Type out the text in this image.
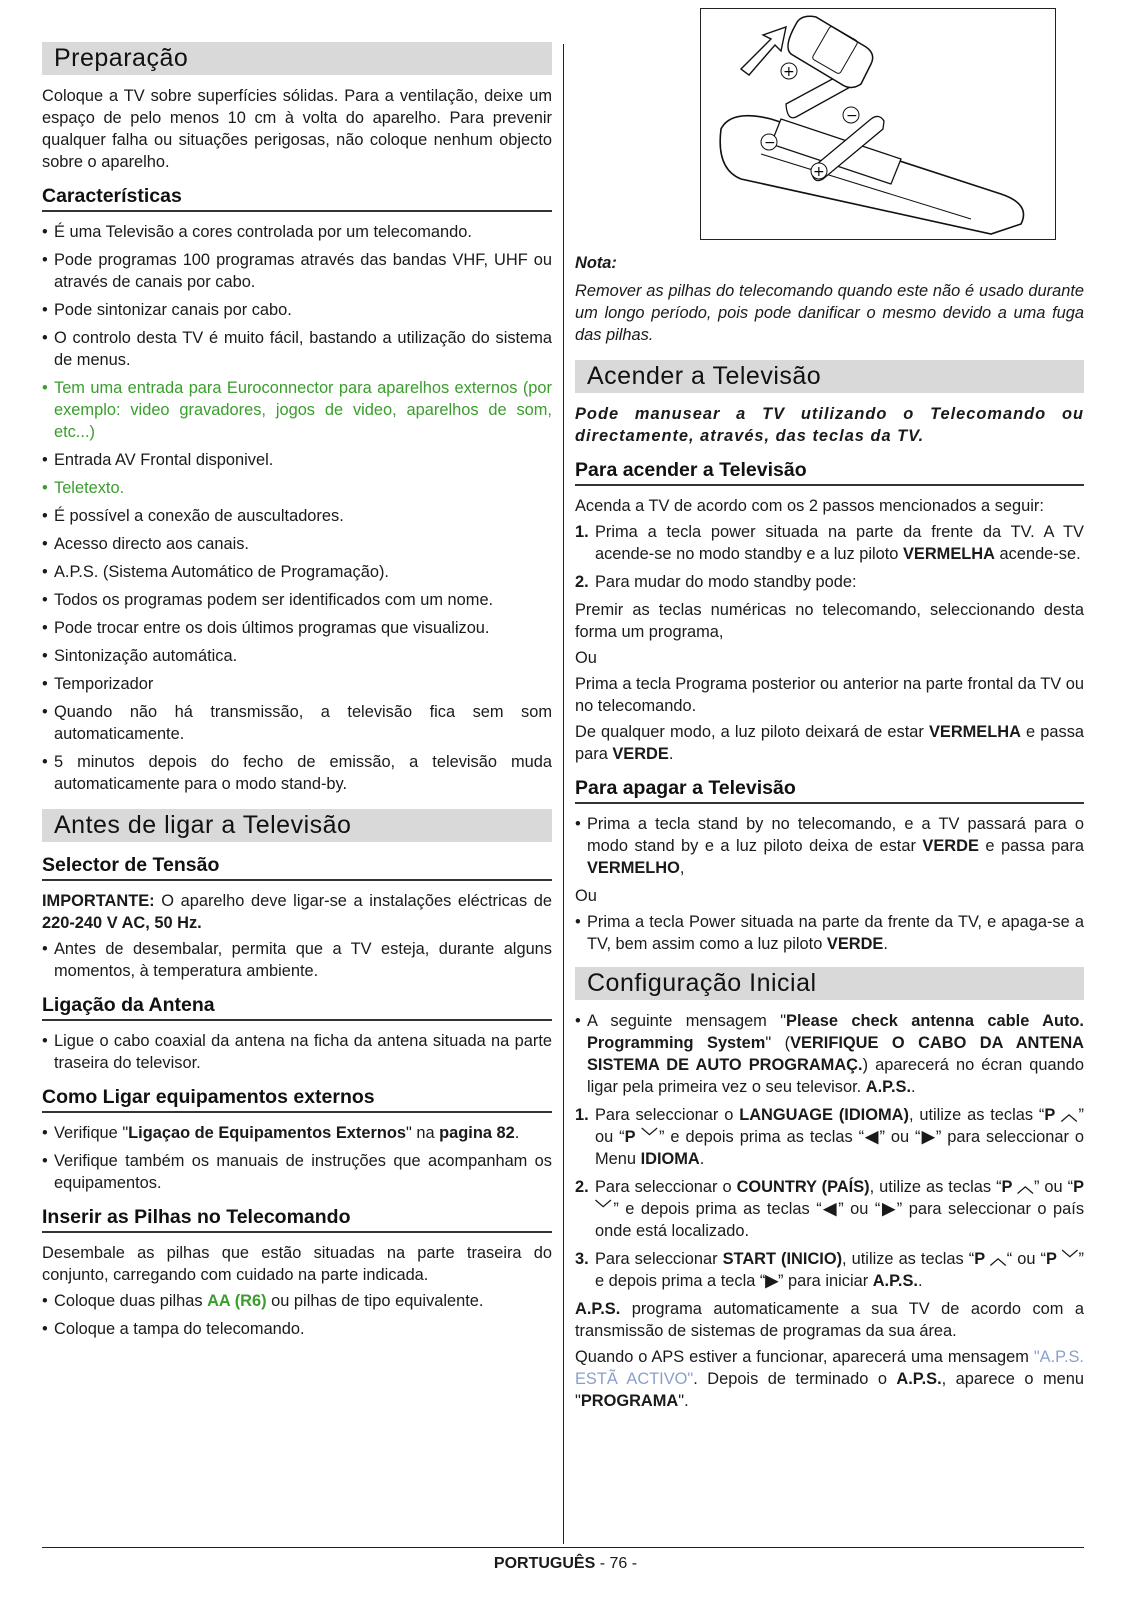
Preparação

Coloque a TV sobre superfícies sólidas. Para a ventilação, deixe um espaço de pelo menos 10 cm à volta do aparelho. Para prevenir qualquer falha ou situações perigosas, não coloque nenhum objecto sobre o aparelho.

Características
• É uma Televisão a cores controlada por um telecomando.
• Pode programas 100 programas através das bandas VHF, UHF ou através de canais por cabo.
• Pode sintonizar canais por cabo.
• O controlo desta TV é muito fácil, bastando a utilização do sistema de menus.
• Tem uma entrada para Euroconnector para aparelhos externos (por exemplo: video gravadores, jogos de video, aparelhos de som, etc...)
• Entrada AV Frontal disponivel.
• Teletexto.
• É possível a conexão de auscultadores.
• Acesso directo aos canais.
• A.P.S. (Sistema Automático de Programação).
• Todos os programas podem ser identificados com um nome.
• Pode trocar entre os dois últimos programas que visualizou.
• Sintonização automática.
• Temporizador
• Quando não há transmissão, a televisão fica sem som automaticamente.
• 5 minutos depois do fecho de emissão, a televisão muda automaticamente para o modo stand-by.
Antes de ligar a Televisão
Selector de Tensão

IMPORTANTE: O aparelho deve ligar-se a instalações eléctricas de 220-240 V AC, 50 Hz.

• Antes de desembalar, permita que a TV esteja, durante alguns momentos, à temperatura ambiente.
Ligação da Antena
• Ligue o cabo coaxial da antena na ficha da antena situada na parte traseira do televisor.
Como Ligar equipamentos externos
• Verifique "Ligaçao de Equipamentos Externos" na pagina 82.
• Verifique também os manuais de instruções que acompanham os equipamentos.
Inserir as Pilhas no Telecomando

Desembale as pilhas que estão situadas na parte traseira do conjunto, carregando com cuidado na parte indicada.

• Coloque duas pilhas AA (R6) ou pilhas de tipo equivalente.
• Coloque a tampa do telecomando.
+
−
−
+

Nota:

Remover as pilhas do telecomando quando este não é usado durante um longo período, pois pode danificar o mesmo devido a uma fuga das pilhas.

Acender a Televisão

Pode manusear a TV utilizando o Telecomando ou directamente, através, das teclas da TV.

Para acender a Televisão

Acenda a TV de acordo com os 2 passos mencionados a seguir:

1. Prima a tecla power situada na parte da frente da TV. A TV acende-se no modo standby e a luz piloto VERMELHA acende-se.
2. Para mudar do modo standby pode:

Premir as teclas numéricas no telecomando, seleccionando desta forma um programa,

Ou

Prima a tecla Programa posterior ou anterior na parte frontal da TV ou no telecomando.

De qualquer modo, a luz piloto deixará de estar VERMELHA e passa para VERDE.

Para apagar a Televisão
• Prima a tecla stand by no telecomando, e a TV passará para o modo stand by e a luz piloto deixa de estar VERDE e passa para VERMELHO,

Ou

• Prima a tecla Power situada na parte da frente da TV, e apaga-se a TV, bem assim como a luz piloto VERDE.
Configuração Inicial
• A seguinte mensagem "Please check antenna cable Auto. Programming System" (VERIFIQUE O CABO DA ANTENA SISTEMA DE AUTO PROGRAMAÇ.) aparecerá no écran quando ligar pela primeira vez o seu televisor. A.P.S..
1. Para seleccionar o LANGUAGE (IDIOMA), utilize as teclas “P ︿” ou “P ﹀” e depois prima as teclas “◀” ou “▶” para seleccionar o Menu IDIOMA.
2. Para seleccionar o COUNTRY (PAÍS), utilize as teclas “P ︿” ou “P ﹀” e depois prima as teclas “◀” ou “▶” para seleccionar o país onde está localizado.
3. Para seleccionar START (INICIO), utilize as teclas “P ︿“ ou “P ﹀” e depois prima a tecla “▶” para iniciar A.P.S..

A.P.S. programa automaticamente a sua TV de acordo com a transmissão de sistemas de programas da sua área.

Quando o APS estiver a funcionar, aparecerá uma mensagem "A.P.S. ESTÃ ACTIVO". Depois de terminado o A.P.S., aparece o menu "PROGRAMA".

PORTUGUÊS - 76 -
